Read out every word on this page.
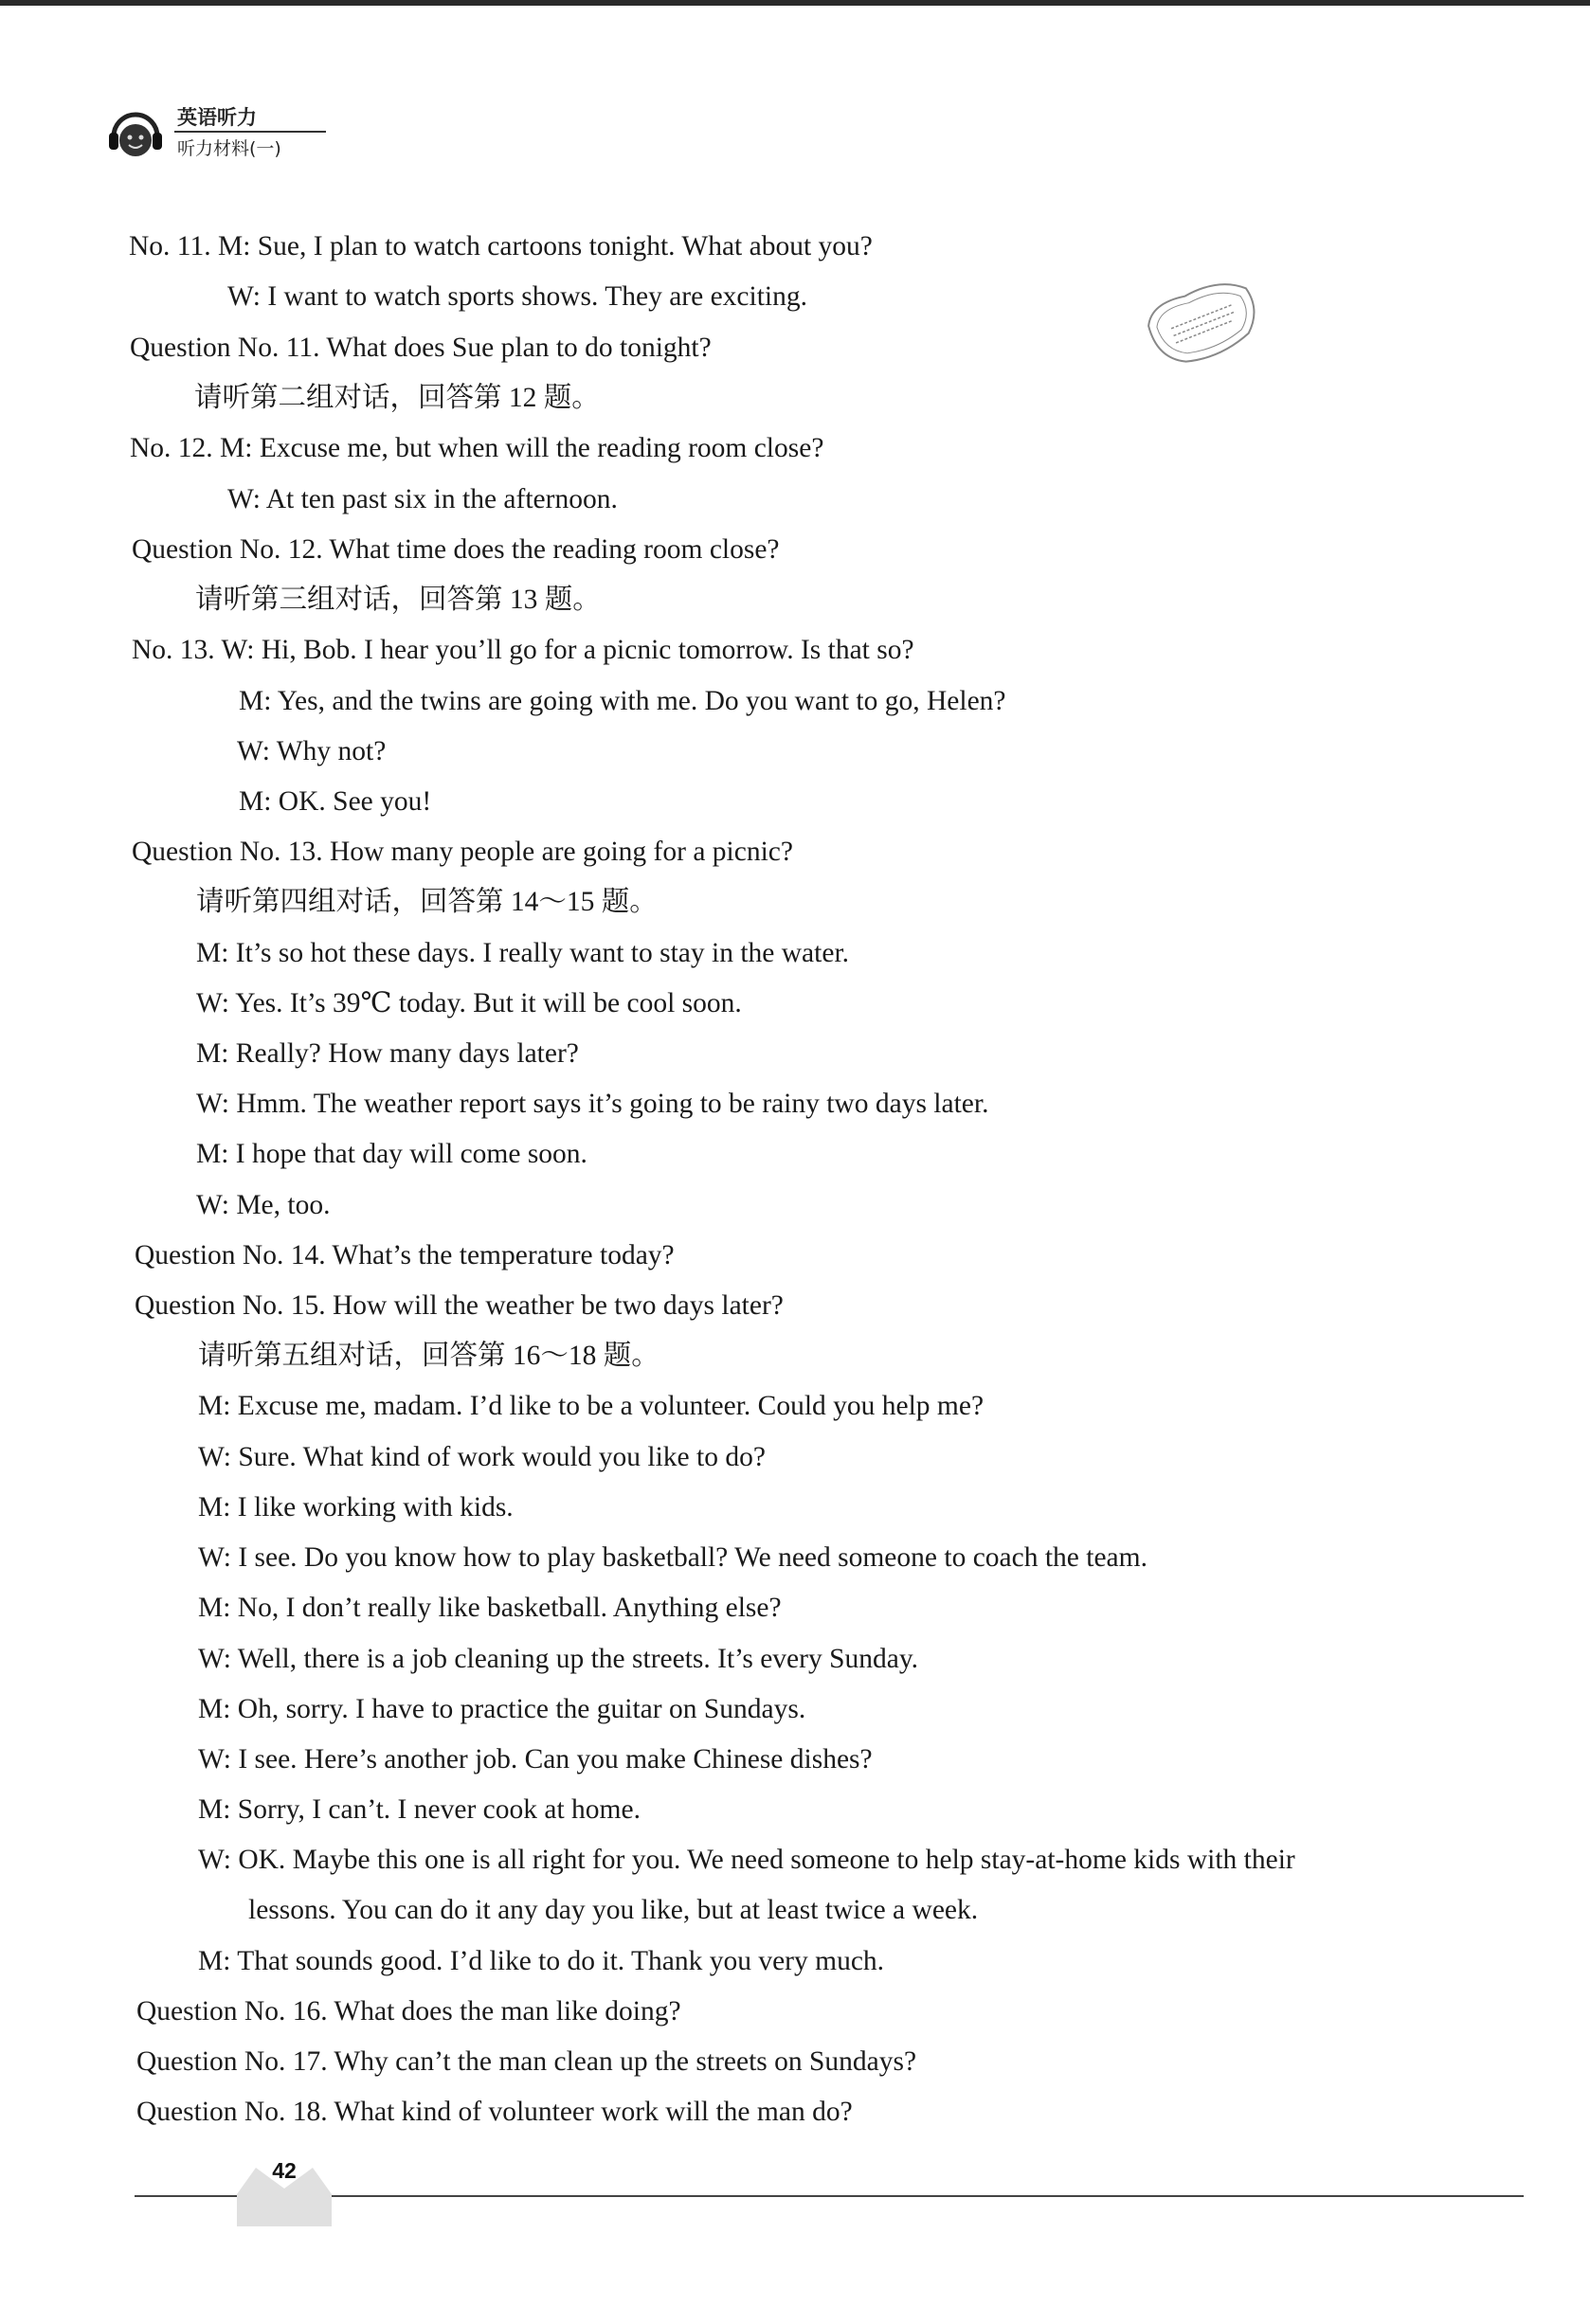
英语听力
听力材料(一)
No. 11. M: Sue, I plan to watch cartoons tonight. What about you?
W: I want to watch sports shows. They are exciting.
Question No. 11. What does Sue plan to do tonight?
请听第二组对话，回答第 12 题。
No. 12. M: Excuse me, but when will the reading room close?
W: At ten past six in the afternoon.
Question No. 12. What time does the reading room close?
请听第三组对话，回答第 13 题。
No. 13. W: Hi, Bob. I hear you’ll go for a picnic tomorrow. Is that so?
M: Yes, and the twins are going with me. Do you want to go, Helen?
W: Why not?
M: OK. See you!
Question No. 13. How many people are going for a picnic?
请听第四组对话，回答第 14～15 题。
M: It’s so hot these days. I really want to stay in the water.
W: Yes. It’s 39℃ today. But it will be cool soon.
M: Really? How many days later?
W: Hmm. The weather report says it’s going to be rainy two days later.
M: I hope that day will come soon.
W: Me, too.
Question No. 14. What’s the temperature today?
Question No. 15. How will the weather be two days later?
请听第五组对话，回答第 16～18 题。
M: Excuse me, madam. I’d like to be a volunteer. Could you help me?
W: Sure. What kind of work would you like to do?
M: I like working with kids.
W: I see. Do you know how to play basketball? We need someone to coach the team.
M: No, I don’t really like basketball. Anything else?
W: Well, there is a job cleaning up the streets. It’s every Sunday.
M: Oh, sorry. I have to practice the guitar on Sundays.
W: I see. Here’s another job. Can you make Chinese dishes?
M: Sorry, I can’t. I never cook at home.
W: OK. Maybe this one is all right for you. We need someone to help stay-at-home kids with their
lessons. You can do it any day you like, but at least twice a week.
M: That sounds good. I’d like to do it. Thank you very much.
Question No. 16. What does the man like doing?
Question No. 17. Why can’t the man clean up the streets on Sundays?
Question No. 18. What kind of volunteer work will the man do?
42
